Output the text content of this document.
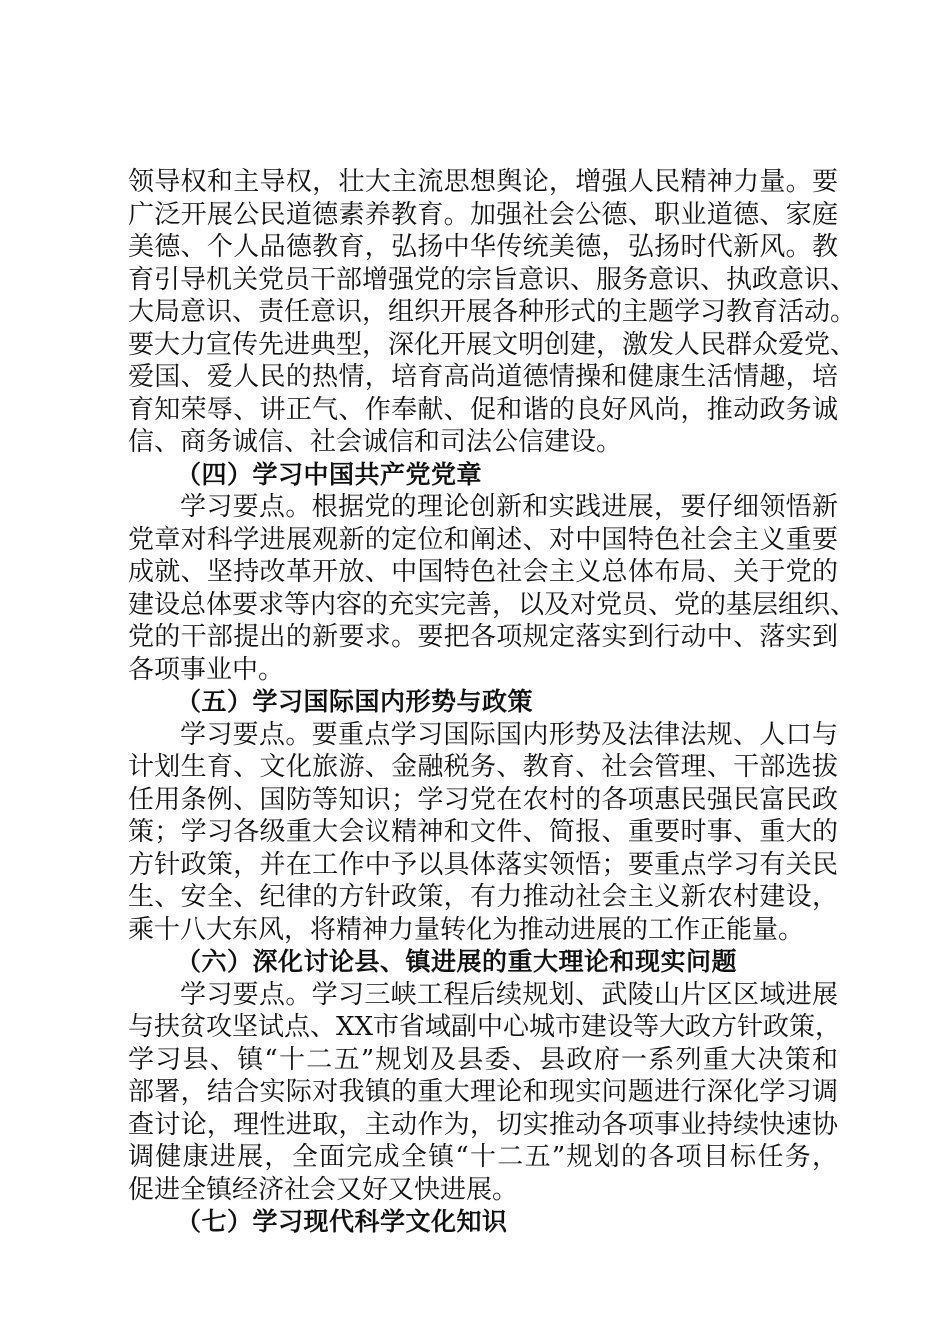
领导权和主导权，壮大主流思想舆论，增强人民精神力量。要
广泛开展公民道德素养教育。加强社会公德、职业道德、家庭
美德、个人品德教育，弘扬中华传统美德，弘扬时代新风。教
育引导机关党员干部增强党的宗旨意识、服务意识、执政意识、
大局意识、责任意识，组织开展各种形式的主题学习教育活动。
要大力宣传先进典型，深化开展文明创建，激发人民群众爱党、
爱国、爱人民的热情，培育高尚道德情操和健康生活情趣，培
育知荣辱、讲正气、作奉献、促和谐的良好风尚，推动政务诚
信、商务诚信、社会诚信和司法公信建设。
（四）学习中国共产党党章
学习要点。根据党的理论创新和实践进展，要仔细领悟新
党章对科学进展观新的定位和阐述、对中国特色社会主义重要
成就、坚持改革开放、中国特色社会主义总体布局、关于党的
建设总体要求等内容的充实完善，以及对党员、党的基层组织、
党的干部提出的新要求。要把各项规定落实到行动中、落实到
各项事业中。
（五）学习国际国内形势与政策
学习要点。要重点学习国际国内形势及法律法规、人口与
计划生育、文化旅游、金融税务、教育、社会管理、干部选拔
任用条例、国防等知识；学习党在农村的各项惠民强民富民政
策；学习各级重大会议精神和文件、简报、重要时事、重大的
方针政策，并在工作中予以具体落实领悟；要重点学习有关民
生、安全、纪律的方针政策，有力推动社会主义新农村建设，
乘十八大东风，将精神力量转化为推动进展的工作正能量。
（六）深化讨论县、镇进展的重大理论和现实问题
学习要点。学习三峡工程后续规划、武陵山片区区域进展
与扶贫攻坚试点、XX市省域副中心城市建设等大政方针政策，
学习县、镇“十二五”规划及县委、县政府一系列重大决策和
部署，结合实际对我镇的重大理论和现实问题进行深化学习调
查讨论，理性进取，主动作为，切实推动各项事业持续快速协
调健康进展，全面完成全镇“十二五”规划的各项目标任务，
促进全镇经济社会又好又快进展。
（七）学习现代科学文化知识
